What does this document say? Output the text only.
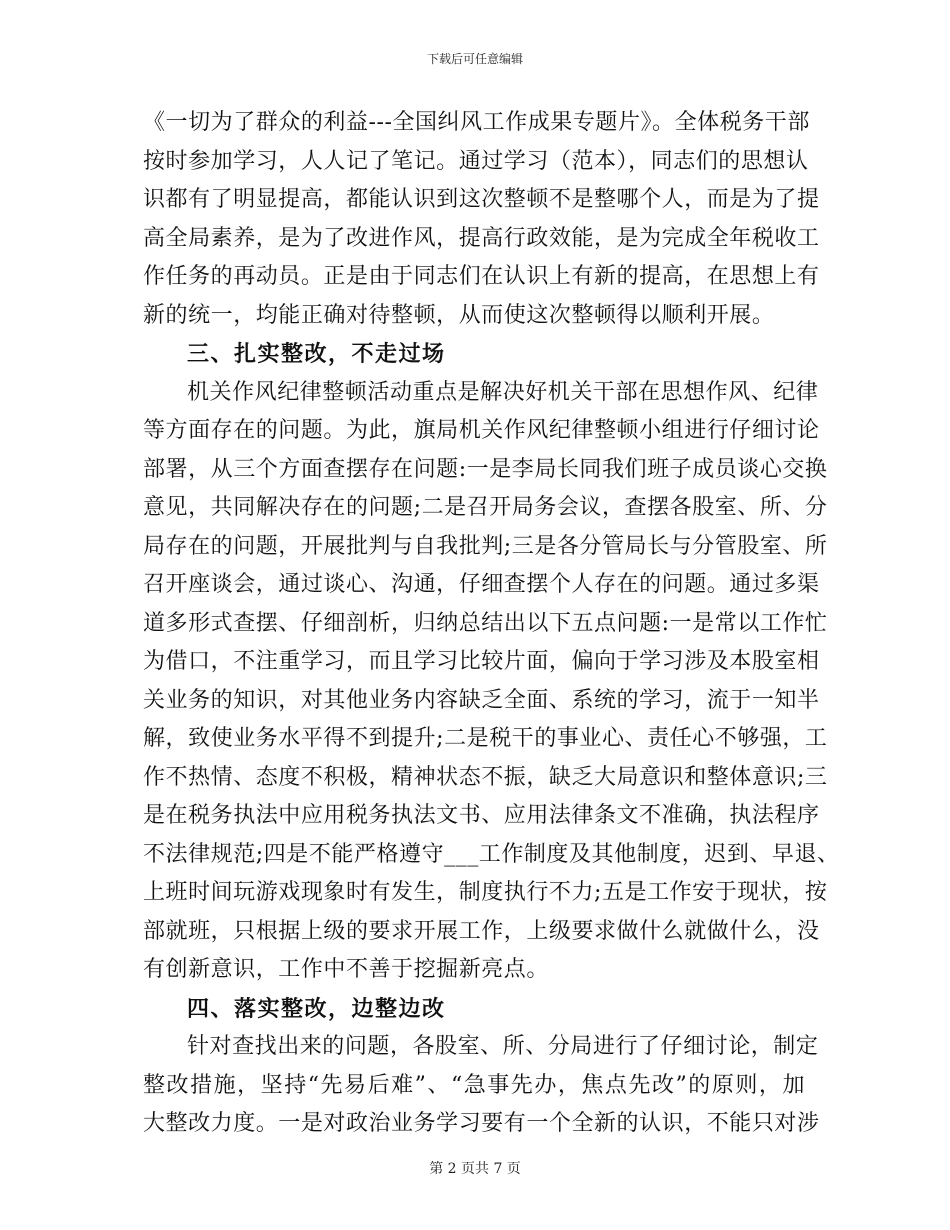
下载后可任意编辑
《一切为了群众的利益---全国纠风工作成果专题片》。全体税务干部
按时参加学习，人人记了笔记。通过学习（范本），同志们的思想认
识都有了明显提高，都能认识到这次整顿不是整哪个人，而是为了提
高全局素养，是为了改进作风，提高行政效能，是为完成全年税收工
作任务的再动员。正是由于同志们在认识上有新的提高，在思想上有
新的统一，均能正确对待整顿，从而使这次整顿得以顺利开展。
三、扎实整改，不走过场
机关作风纪律整顿活动重点是解决好机关干部在思想作风、纪律
等方面存在的问题。为此，旗局机关作风纪律整顿小组进行仔细讨论
部署，从三个方面查摆存在问题:一是李局长同我们班子成员谈心交换
意见，共同解决存在的问题;二是召开局务会议，查摆各股室、所、分
局存在的问题，开展批判与自我批判;三是各分管局长与分管股室、所
召开座谈会，通过谈心、沟通，仔细查摆个人存在的问题。通过多渠
道多形式查摆、仔细剖析，归纳总结出以下五点问题:一是常以工作忙
为借口，不注重学习，而且学习比较片面，偏向于学习涉及本股室相
关业务的知识，对其他业务内容缺乏全面、系统的学习，流于一知半
解，致使业务水平得不到提升;二是税干的事业心、责任心不够强，工
作不热情、态度不积极，精神状态不振，缺乏大局意识和整体意识;三
是在税务执法中应用税务执法文书、应用法律条文不准确，执法程序
不法律规范;四是不能严格遵守___工作制度及其他制度，迟到、早退、
上班时间玩游戏现象时有发生，制度执行不力;五是工作安于现状，按
部就班，只根据上级的要求开展工作，上级要求做什么就做什么，没
有创新意识，工作中不善于挖掘新亮点。
四、落实整改，边整边改
针对查找出来的问题，各股室、所、分局进行了仔细讨论，制定
整改措施，坚持“先易后难”、“急事先办，焦点先改”的原则，加
大整改力度。一是对政治业务学习要有一个全新的认识，不能只对涉
第 2 页共 7 页
